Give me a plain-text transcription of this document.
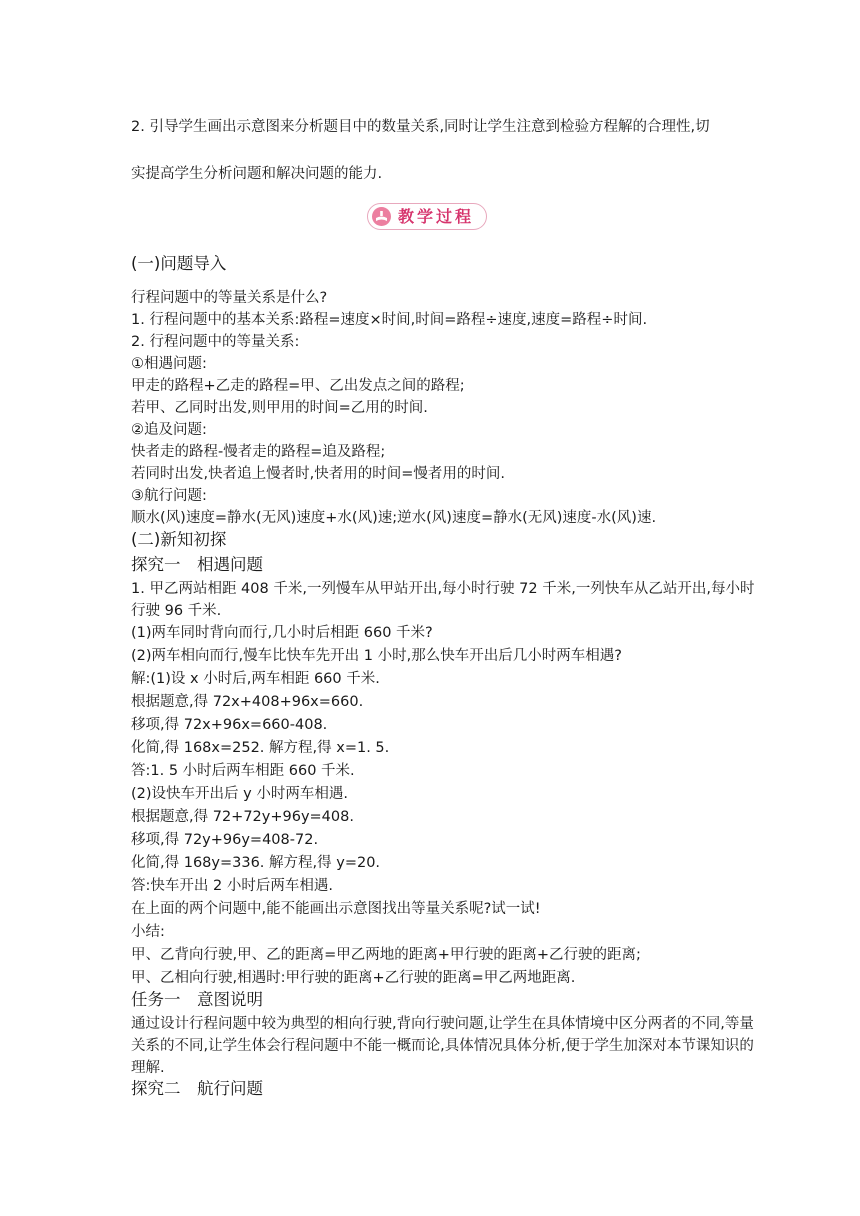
2. 引导学生画出示意图来分析题目中的数量关系,同时让学生注意到检验方程解的合理性,切
实提高学生分析问题和解决问题的能力.
教学过程
(一)问题导入
行程问题中的等量关系是什么?
1. 行程问题中的基本关系:路程=速度×时间,时间=路程÷速度,速度=路程÷时间.
2. 行程问题中的等量关系:
①相遇问题:
甲走的路程+乙走的路程=甲、乙出发点之间的路程;
若甲、乙同时出发,则甲用的时间=乙用的时间.
②追及问题:
快者走的路程-慢者走的路程=追及路程;
若同时出发,快者追上慢者时,快者用的时间=慢者用的时间.
③航行问题:
顺水(风)速度=静水(无风)速度+水(风)速;逆水(风)速度=静水(无风)速度-水(风)速.
(二)新知初探
探究一　相遇问题
1. 甲乙两站相距 408 千米,一列慢车从甲站开出,每小时行驶 72 千米,一列快车从乙站开出,每小时行驶 96 千米.
(1)两车同时背向而行,几小时后相距 660 千米?
(2)两车相向而行,慢车比快车先开出 1 小时,那么快车开出后几小时两车相遇?
解:(1)设 x 小时后,两车相距 660 千米.
根据题意,得 72x+408+96x=660.
移项,得 72x+96x=660-408.
化简,得 168x=252. 解方程,得 x=1. 5.
答:1. 5 小时后两车相距 660 千米.
(2)设快车开出后 y 小时两车相遇.
根据题意,得 72+72y+96y=408.
移项,得 72y+96y=408-72.
化简,得 168y=336. 解方程,得 y=20.
答:快车开出 2 小时后两车相遇.
在上面的两个问题中,能不能画出示意图找出等量关系呢?试一试!
小结:
甲、乙背向行驶,甲、乙的距离=甲乙两地的距离+甲行驶的距离+乙行驶的距离;
甲、乙相向行驶,相遇时:甲行驶的距离+乙行驶的距离=甲乙两地距离.
任务一　意图说明
通过设计行程问题中较为典型的相向行驶,背向行驶问题,让学生在具体情境中区分两者的不同,等量关系的不同,让学生体会行程问题中不能一概而论,具体情况具体分析,便于学生加深对本节课知识的理解.
探究二　航行问题
